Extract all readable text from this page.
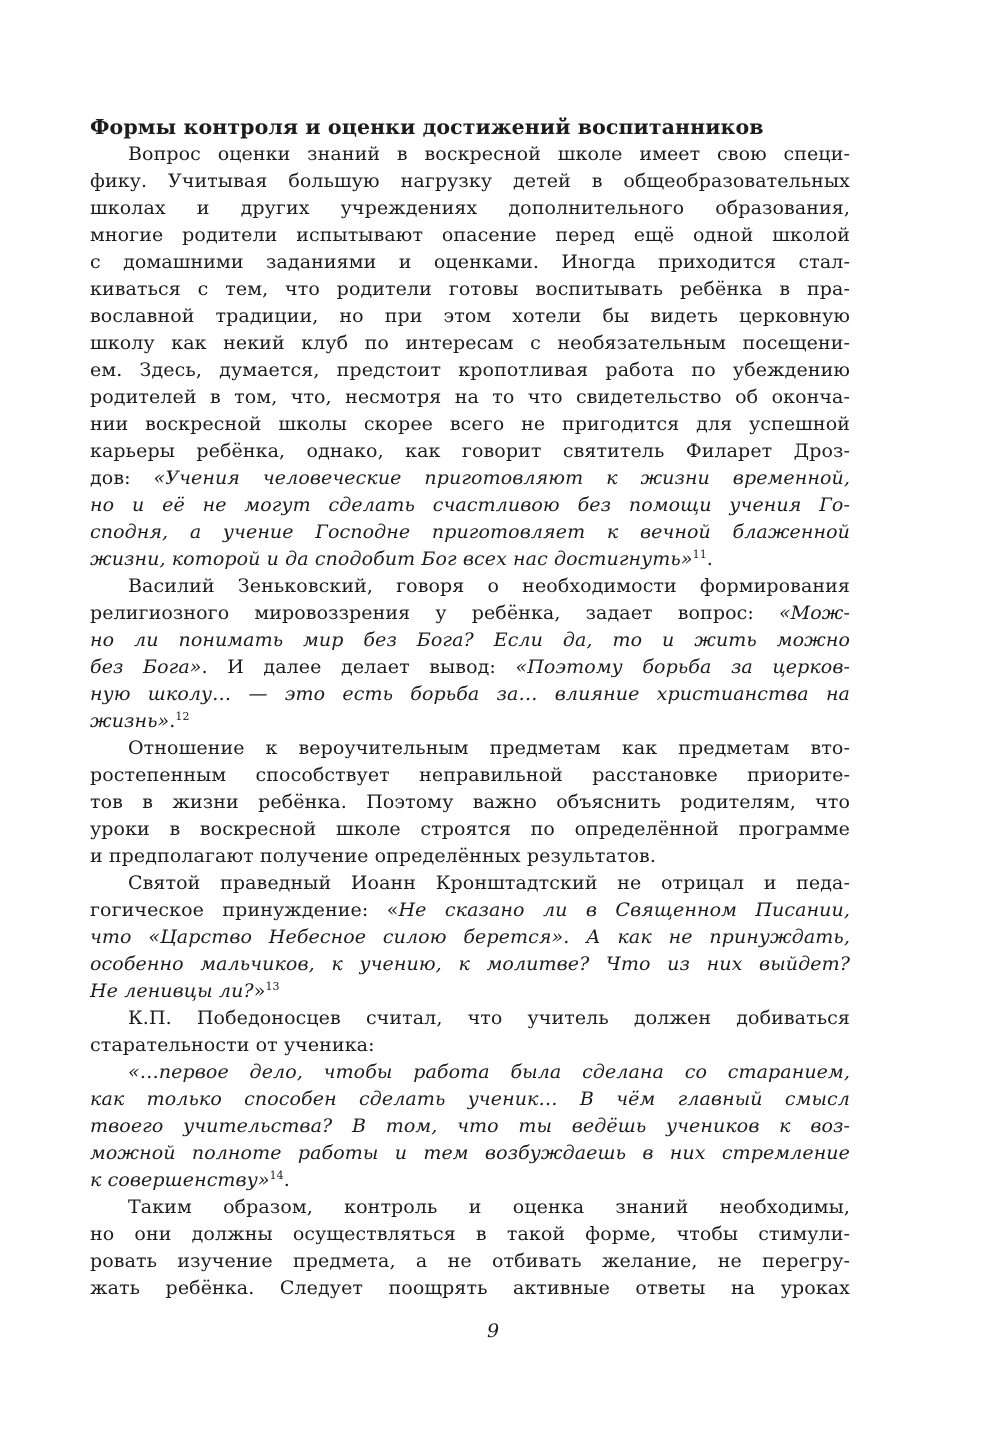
Формы контроля и оценки достижений воспитанников
Вопрос оценки знаний в воскресной школе имеет свою специ-
фику. Учитывая большую нагрузку детей в общеобразовательных
школах и других учреждениях дополнительного образования,
многие родители испытывают опасение перед ещё одной школой
с домашними заданиями и оценками. Иногда приходится стал-
киваться с тем, что родители готовы воспитывать ребёнка в пра-
вославной традиции, но при этом хотели бы видеть церковную
школу как некий клуб по интересам с необязательным посещени-
ем. Здесь, думается, предстоит кропотливая работа по убеждению
родителей в том, что, несмотря на то что свидетельство об оконча-
нии воскресной школы скорее всего не пригодится для успешной
карьеры ребёнка, однако, как говорит святитель Филарет Дроз-
дов: «Учения человеческие приготовляют к жизни временной,
но и её не могут сделать счастливою без помощи учения Го-
сподня, а учение Господне приготовляет к вечной блаженной
жизни, которой и да сподобит Бог всех нас достигнуть»$^{11}$.
Василий Зеньковский, говоря о необходимости формирования
религиозного мировоззрения у ребёнка, задает вопрос: «Мож-
но ли понимать мир без Бога? Если да, то и жить можно
без Бога». И далее делает вывод: «Поэтому борьба за церков-
ную школу… — это есть борьба за… влияние христианства на
жизнь».$^{12}$
Отношение к вероучительным предметам как предметам вто-
ростепенным способствует неправильной расстановке приорите-
тов в жизни ребёнка. Поэтому важно объяснить родителям, что
уроки в воскресной школе строятся по определённой программе
и предполагают получение определённых результатов.
Святой праведный Иоанн Кронштадтский не отрицал и педа-
гогическое принуждение: «Не сказано ли в Священном Писании,
что «Царство Небесное силою берется». А как не принуждать,
особенно мальчиков, к учению, к молитве? Что из них выйдет?
Не ленивцы ли?»$^{13}$
К.П. Победоносцев считал, что учитель должен добиваться
старательности от ученика:
«…первое дело, чтобы работа была сделана со старанием,
как только способен сделать ученик… В чём главный смысл
твоего учительства? В том, что ты ведёшь учеников к воз-
можной полноте работы и тем возбуждаешь в них стремление
к совершенству»$^{14}$.
Таким образом, контроль и оценка знаний необходимы,
но они должны осуществляться в такой форме, чтобы стимули-
ровать изучение предмета, а не отбивать желание, не перегру-
жать ребёнка. Следует поощрять активные ответы на уроках
9
